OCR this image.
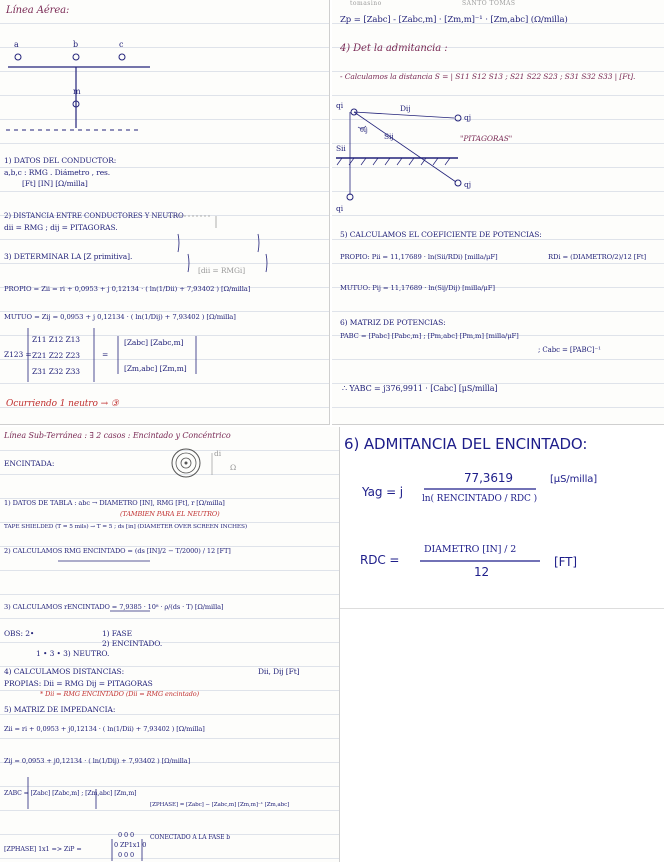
Línea Aérea:
a	b	c
m
1) DATOS DEL CONDUCTOR:
a,b,c : RMG . Diámetro , res.
[Ft] [IN] [Ω/milla]
2) DISTANCIA ENTRE CONDUCTORES Y NEUTRO
dii = RMG ; dij = PITAGORAS.
3) DETERMINAR LA [Z primitiva].
[dii = RMGi]
PROPIO = Zii = ri + 0,0953 + j 0,12134 · ( ln(1/Dii) + 7,93402 ) [Ω/milla]
MUTUO = Zij = 0,0953 + j 0,12134 · ( ln(1/Dij) + 7,93402 ) [Ω/milla]
Z123 =
Z11 Z12 Z13
Z21 Z22 Z23
Z31 Z32 Z33
=
[Zabc] [Zabc,m]
[Zm,abc] [Zm,m]
Ocurriendo 1 neutro → ③
tomasino	SANTO TOMÁS
Zp = [Zabc] - [Zabc,m] · [Zm,m]⁻¹ · [Zm,abc] (Ω/milla)
4) Det la admitancia :
- Calculamos la distancia S = | S11 S12 S13 ; S21 S22 S23 ; S31 S32 S33 | [Ft].
qi	Dij
qj
θij
Sij
Sii
"PITAGORAS"
qj
qi
5) CALCULAMOS EL COEFICIENTE DE POTENCIAS:
PROPIO: Pii = 11,17689 · ln(Sii/RDi) [milla/μF]	RDi = (DIAMETRO/2)/12 [Ft]
MUTUO: Pij = 11,17689 · ln(Sij/Dij) [milla/μF]
6) MATRIZ DE POTENCIAS:
PABC = [Pabc] [Pabc,m] ; [Pm,abc] [Pm,m] [milla/μF]
; Cabc = [PABC]⁻¹
∴ YABC = j376,9911 · [Cabc] [μS/milla]
Línea Sub-Terránea : ∃ 2 casos : Encintado y Concéntrico
ENCINTADA:
di
Ω
1) DATOS DE TABLA : abc → DIAMETRO [IN], RMG [Ft], r [Ω/milla]
(TAMBIEN PARA EL NEUTRO)
TAPE SHIELDED (T = 5 mils) → T = 5 ; ds [in] (DIAMETER OVER SCREEN INCHES)
2) CALCULAMOS RMG ENCINTADO = (ds [IN]/2 − T/2000) / 12 [FT]
3) CALCULAMOS rENCINTADO = 7,9385 · 10⁸ · ρ/(ds · T) [Ω/milla]
OBS: 2•	1) FASE
2) ENCINTADO.
1 • 3 • 3) NEUTRO.
4) CALCULAMOS DISTANCIAS:	Dii, Dij [Ft]
PROPIAS: Dii = RMG Dij = PITAGORAS
* Dii = RMG ENCINTADO (Dii = RMG encintado)
5) MATRIZ DE IMPEDANCIA:
Zii = ri + 0,0953 + j0,12134 · ( ln(1/Dii) + 7,93402 ) [Ω/milla]
Zij = 0,0953 + j0,12134 · ( ln(1/Dij) + 7,93402 ) [Ω/milla]
ZABC = [Zabc] [Zabc,m] ; [Zm,abc] [Zm,m]
[ZPHASE] = [Zabc] − [Zabc,m] [Zm,m]⁻¹ [Zm,abc]
[ZPHASE] 1x1 => ZiP =
0 0 0
0 ZP1x1 0
0 0 0
CONECTADO A LA FASE b
6) ADMITANCIA DEL ENCINTADO:
Yag = j
77,3619
ln( RENCINTADO / RDC )
[μS/milla]
RDC =
DIAMETRO [IN] / 2
12
[FT]
